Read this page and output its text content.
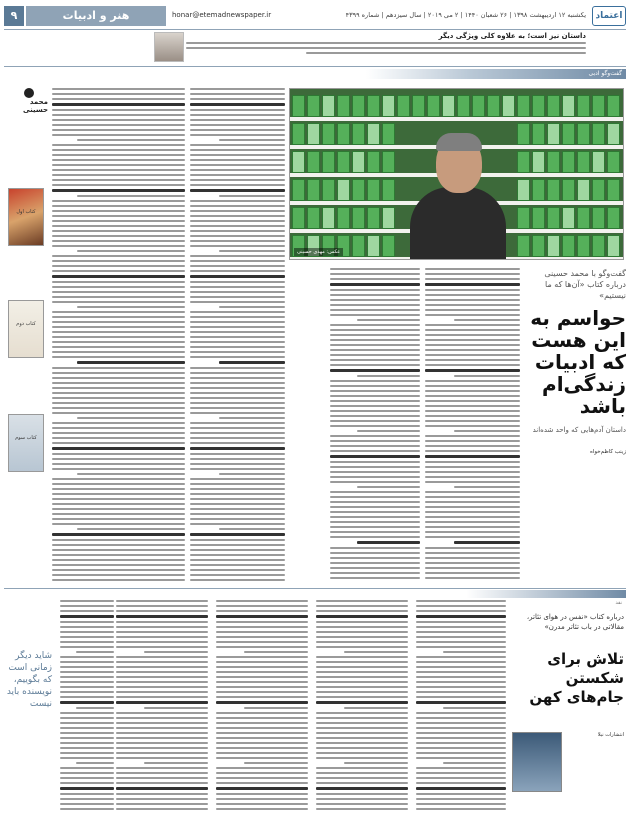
اعتماد
یکشنبه ۱۲ اردیبهشت ۱۳۹۸ | ۲۶ شعبان ۱۴۴۰ | ۲ می ۲۰۱۹ | سال سیزدهم | شماره ۴۳۹۹
honar@etemadnewspaper.ir
هنر و ادبیات
۹
داستان نیز است؛ به علاوه کلی ویژگی دیگر
گفت‌وگو ادبی
عکس: مهدی حسینی
گفت‌وگو با محمد حسینی درباره کتاب «آن‌ها که ما نیستیم»
حواسم به این هست که ادبیات زندگی‌ام باشد
داستان آدم‌هایی که واحد شده‌اند
زینب کاظم‌خواه
محمد حسینی
کتاب اول
کتاب دوم
کتاب سوم
نقد
درباره کتاب «نفس در هوای تئاتر، مقالاتی در باب تئاتر مدرن»
تلاش برای شکستن جام‌های کهن
انتشارات نیلا
شاید دیگر زمانی است که بگوییم، نویسنده باید نیست
